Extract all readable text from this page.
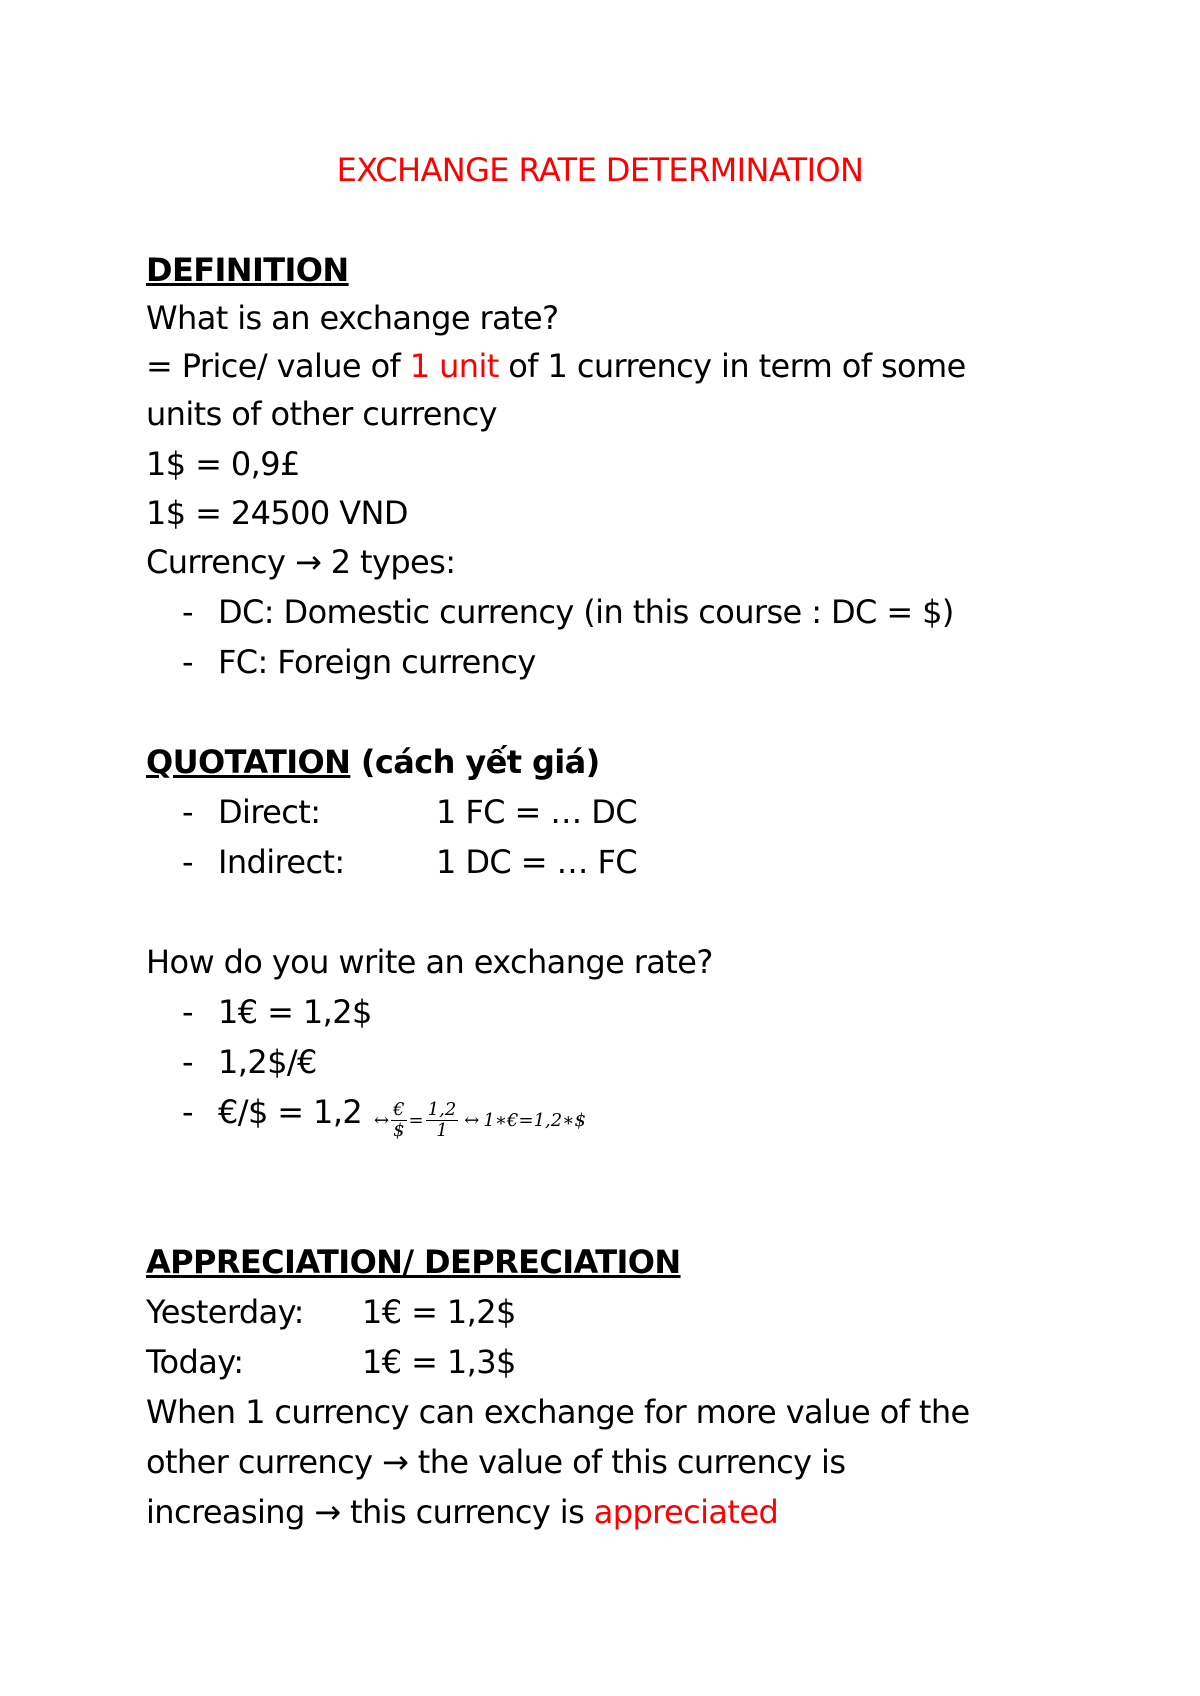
EXCHANGE RATE DETERMINATION
DEFINITION
What is an exchange rate?
= Price/ value of 1 unit of 1 currency in term of some
units of other currency
1$ = 0,9£
1$ = 24500 VND
Currency → 2 types:
- DC: Domestic currency (in this course : DC = $)
- FC: Foreign currency
QUOTATION (cách yết giá)
- Direct:	1 FC = … DC
- Indirect:	1 DC = … FC
How do you write an exchange rate?
- 1€ = 1,2$
- 1,2$/€
- €/$ = 1,2 ↔ $\frac{€}{\$} = \frac{1,2}{1}$ ↔ 1∗€=1,2∗$
APPRECIATION/ DEPRECIATION
Yesterday: 1€ = 1,2$
Today:	1€ = 1,3$
When 1 currency can exchange for more value of the
other currency → the value of this currency is
increasing → this currency is appreciated
